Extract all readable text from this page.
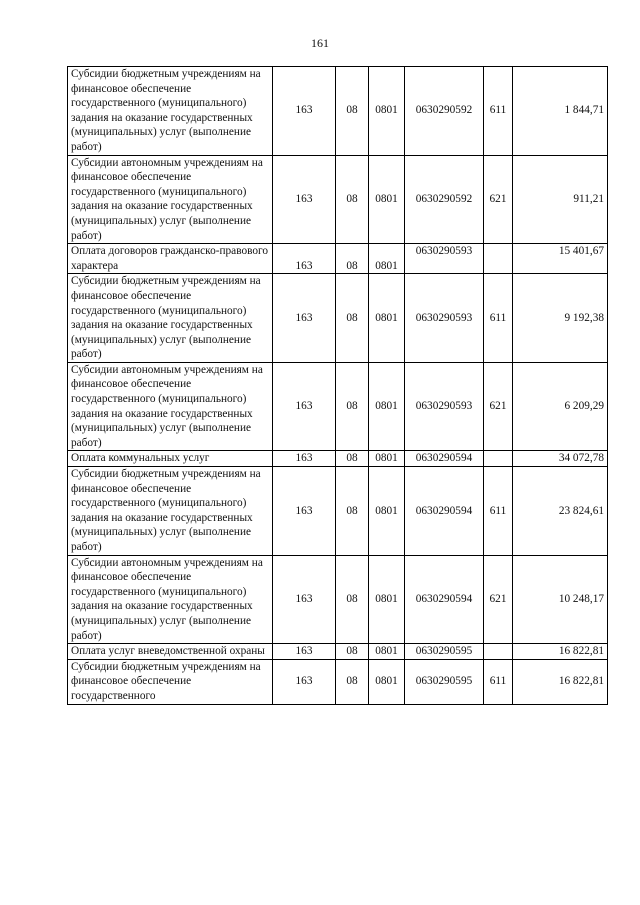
161
Субсидии бюджетным учреждениям на финансовое обеспечение государственного (муниципального) задания на оказание государственных (муниципальных) услуг (выполнение работ)	163	08	0801	0630290592	611	1 844,71
Субсидии автономным учреждениям на финансовое обеспечение государственного (муниципального) задания на оказание государственных (муниципальных) услуг (выполнение работ)	163	08	0801	0630290592	621	911,21
Оплата договоров гражданско-правового характера	163	08	0801	0630290593		15 401,67
Субсидии бюджетным учреждениям на финансовое обеспечение государственного (муниципального) задания на оказание государственных (муниципальных) услуг (выполнение работ)	163	08	0801	0630290593	611	9 192,38
Субсидии автономным учреждениям на финансовое обеспечение государственного (муниципального) задания на оказание государственных (муниципальных) услуг (выполнение работ)	163	08	0801	0630290593	621	6 209,29
Оплата коммунальных услуг	163	08	0801	0630290594		34 072,78
Субсидии бюджетным учреждениям на финансовое обеспечение государственного (муниципального) задания на оказание государственных (муниципальных) услуг (выполнение работ)	163	08	0801	0630290594	611	23 824,61
Субсидии автономным учреждениям на финансовое обеспечение государственного (муниципального) задания на оказание государственных (муниципальных) услуг (выполнение работ)	163	08	0801	0630290594	621	10 248,17
Оплата услуг вневедомственной охраны	163	08	0801	0630290595		16 822,81
Субсидии бюджетным учреждениям на финансовое обеспечение государственного	163	08	0801	0630290595	611	16 822,81
